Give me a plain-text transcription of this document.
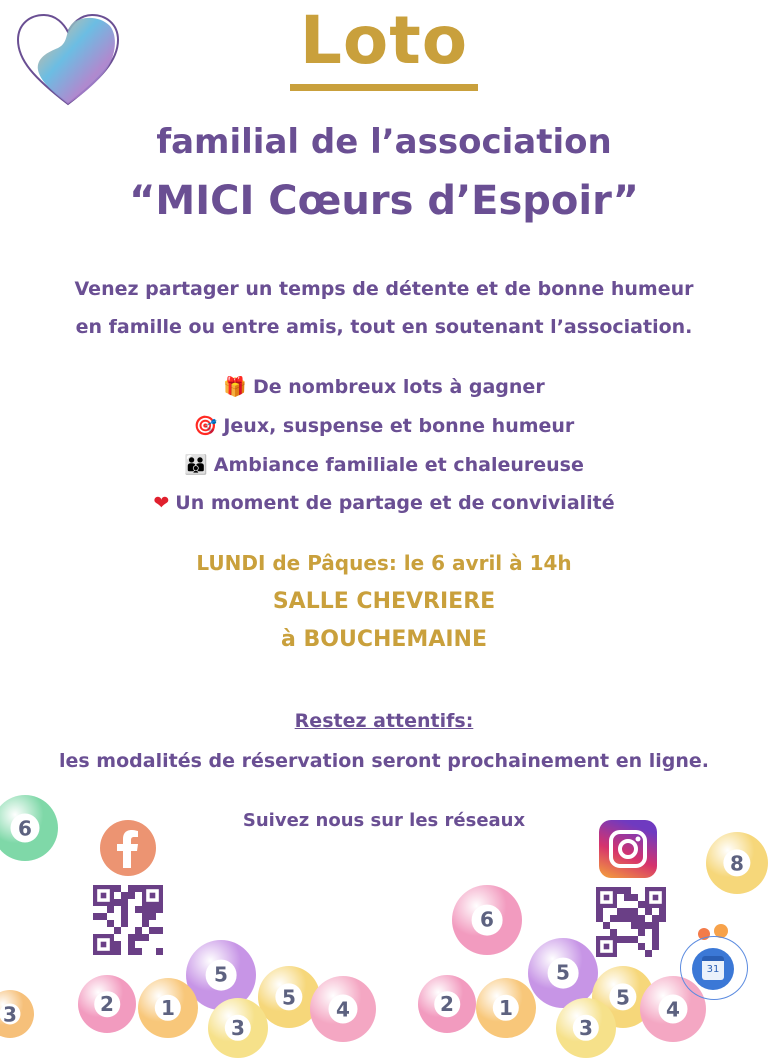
Loto
familial de l’association
“MICI Cœurs d’Espoir”
Venez partager un temps de détente et de bonne humeur
en famille ou entre amis, tout en soutenant l’association.
🎁 De nombreux lots à gagner
🎯 Jeux, suspense et bonne humeur
👪 Ambiance familiale et chaleureuse
❤ Un moment de partage et de convivialité
LUNDI de Pâques: le 6 avril à 14h
SALLE CHEVRIERE
à BOUCHEMAINE
Restez attentifs:
les modalités de réservation seront prochainement en ligne.
Suivez nous sur les réseaux
6
8
6
5
2	1	5
4
3
5
2	1	5
4
3
3
31
